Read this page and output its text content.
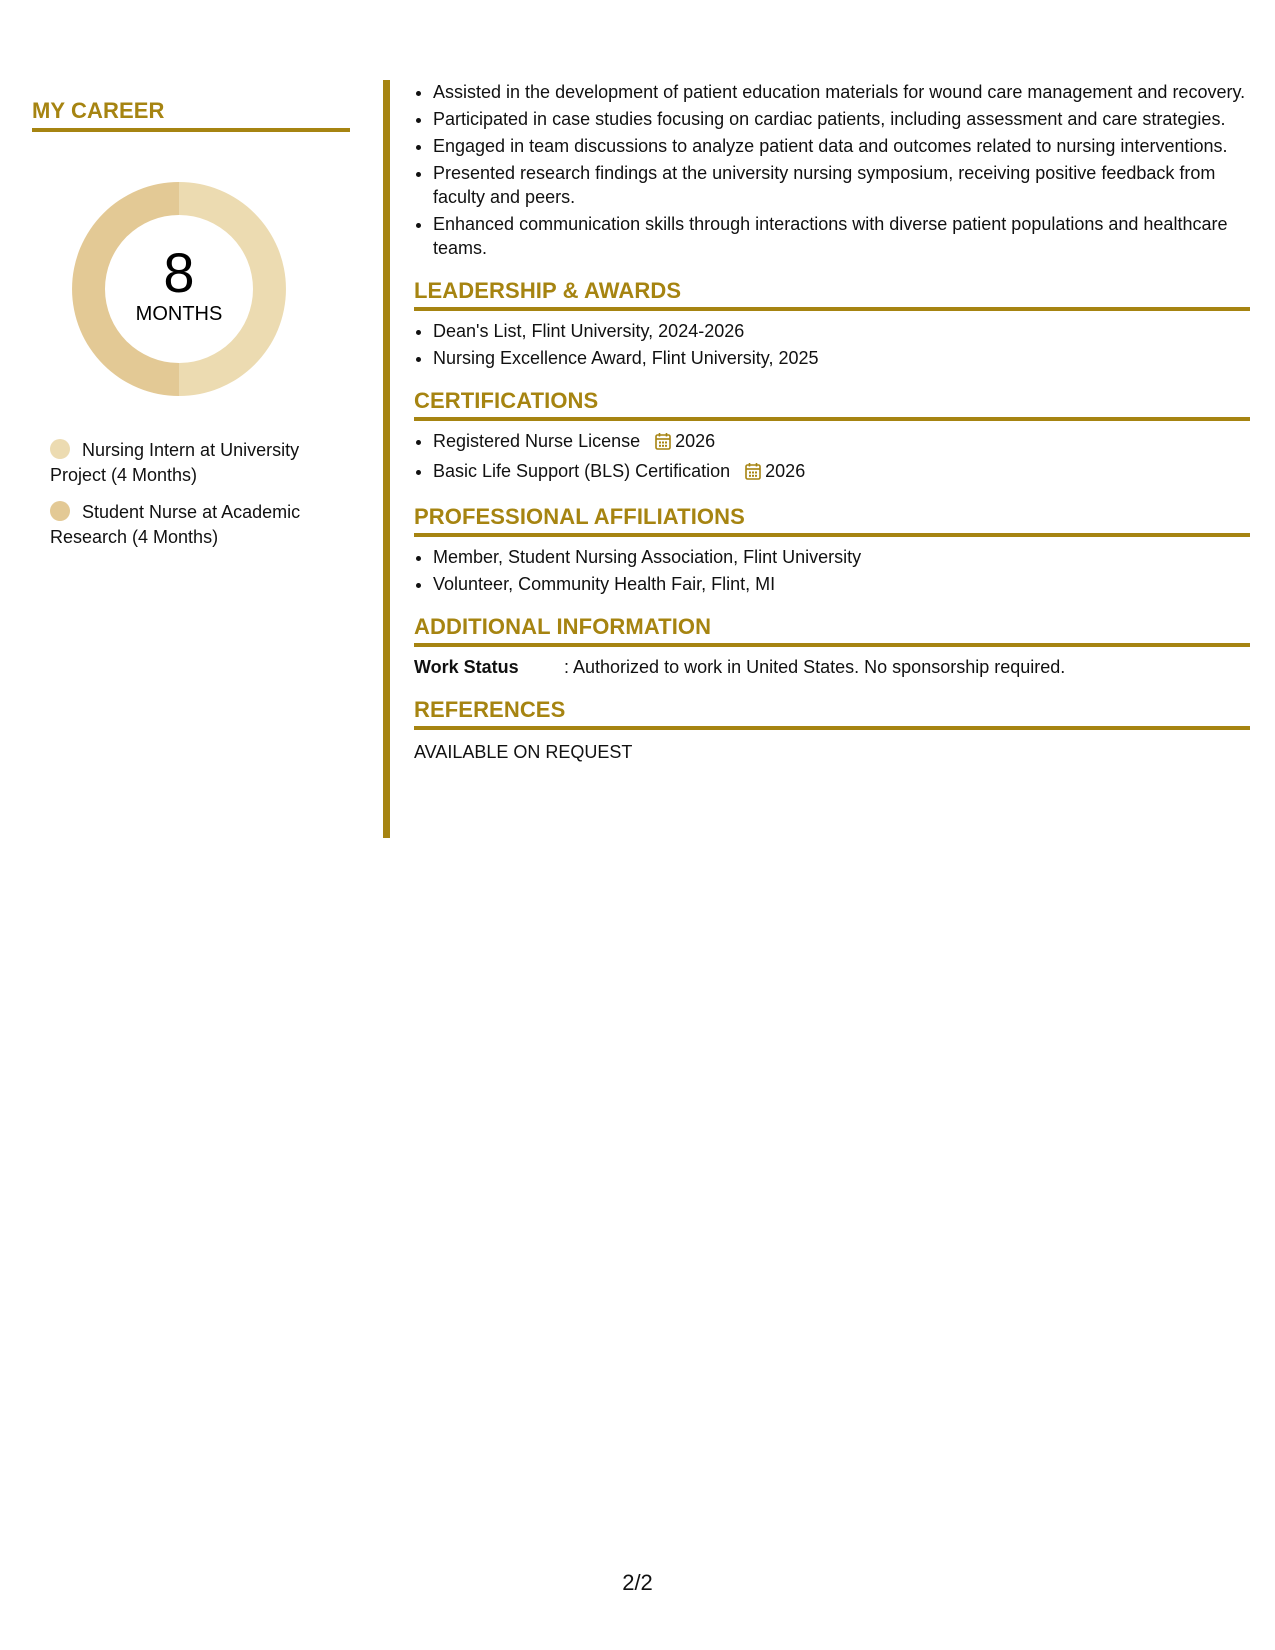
MY CAREER
8
MONTHS
Nursing Intern at University Project (4 Months)
Student Nurse at Academic Research (4 Months)
• Assisted in the development of patient education materials for wound care management and recovery.
• Participated in case studies focusing on cardiac patients, including assessment and care strategies.
• Engaged in team discussions to analyze patient data and outcomes related to nursing interventions.
• Presented research findings at the university nursing symposium, receiving positive feedback from faculty and peers.
• Enhanced communication skills through interactions with diverse patient populations and healthcare teams.
LEADERSHIP & AWARDS
• Dean's List, Flint University, 2024-2026
• Nursing Excellence Award, Flint University, 2025
CERTIFICATIONS
• Registered Nurse License 2026
• Basic Life Support (BLS) Certification 2026
PROFESSIONAL AFFILIATIONS
• Member, Student Nursing Association, Flint University
• Volunteer, Community Health Fair, Flint, MI
ADDITIONAL INFORMATION
Work Status	: Authorized to work in United States. No sponsorship required.
REFERENCES
AVAILABLE ON REQUEST
2/2
